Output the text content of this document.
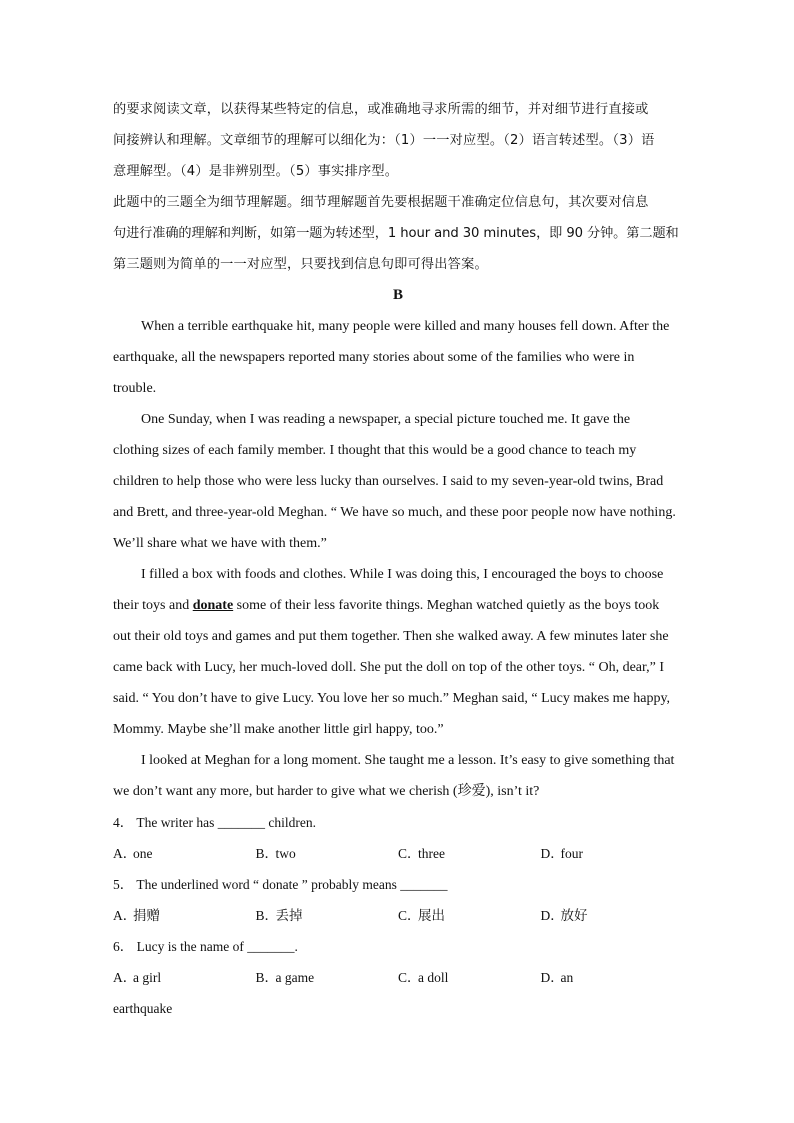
的要求阅读文章，以获得某些特定的信息，或准确地寻求所需的细节，并对细节进行直接或
间接辨认和理解。文章细节的理解可以细化为：（1）一一对应型。（2）语言转述型。（3）语
意理解型。（4）是非辨别型。（5）事实排序型。
此题中的三题全为细节理解题。细节理解题首先要根据题干准确定位信息句，其次要对信息
句进行准确的理解和判断，如第一题为转述型，1 hour and 30 minutes，即 90 分钟。第二题和
第三题则为简单的一一对应型，只要找到信息句即可得出答案。
B
When a terrible earthquake hit, many people were killed and many houses fell down. After the
earthquake, all the newspapers reported many stories about some of the families who were in
trouble.
One Sunday, when I was reading a newspaper, a special picture touched me. It gave the
clothing sizes of each family member. I thought that this would be a good chance to teach my
children to help those who were less lucky than ourselves. I said to my seven-year-old twins, Brad
and Brett, and three-year-old Meghan. “ We have so much, and these poor people now have nothing.
We’ll share what we have with them.”
I filled a box with foods and clothes. While I was doing this, I encouraged the boys to choose
their toys and donate some of their less favorite things. Meghan watched quietly as the boys took
out their old toys and games and put them together. Then she walked away. A few minutes later she
came back with Lucy, her much-loved doll. She put the doll on top of the other toys. “ Oh, dear,” I
said. “ You don’t have to give Lucy. You love her so much.” Meghan said, “ Lucy makes me happy,
Mommy. Maybe she’ll make another little girl happy, too.”
I looked at Meghan for a long moment. She taught me a lesson. It’s easy to give something that
we don’t want any more, but harder to give what we cherish (珍爱), isn’t it?
4． The writer has _______ children.
A．one	B．two	C．three	D．four
5． The underlined word “ donate ” probably means _______
A．捐赠	B．丢掉	C．展出	D．放好
6． Lucy is the name of _______.
A．a girl	B．a game	C．a doll	D．an
earthquake
